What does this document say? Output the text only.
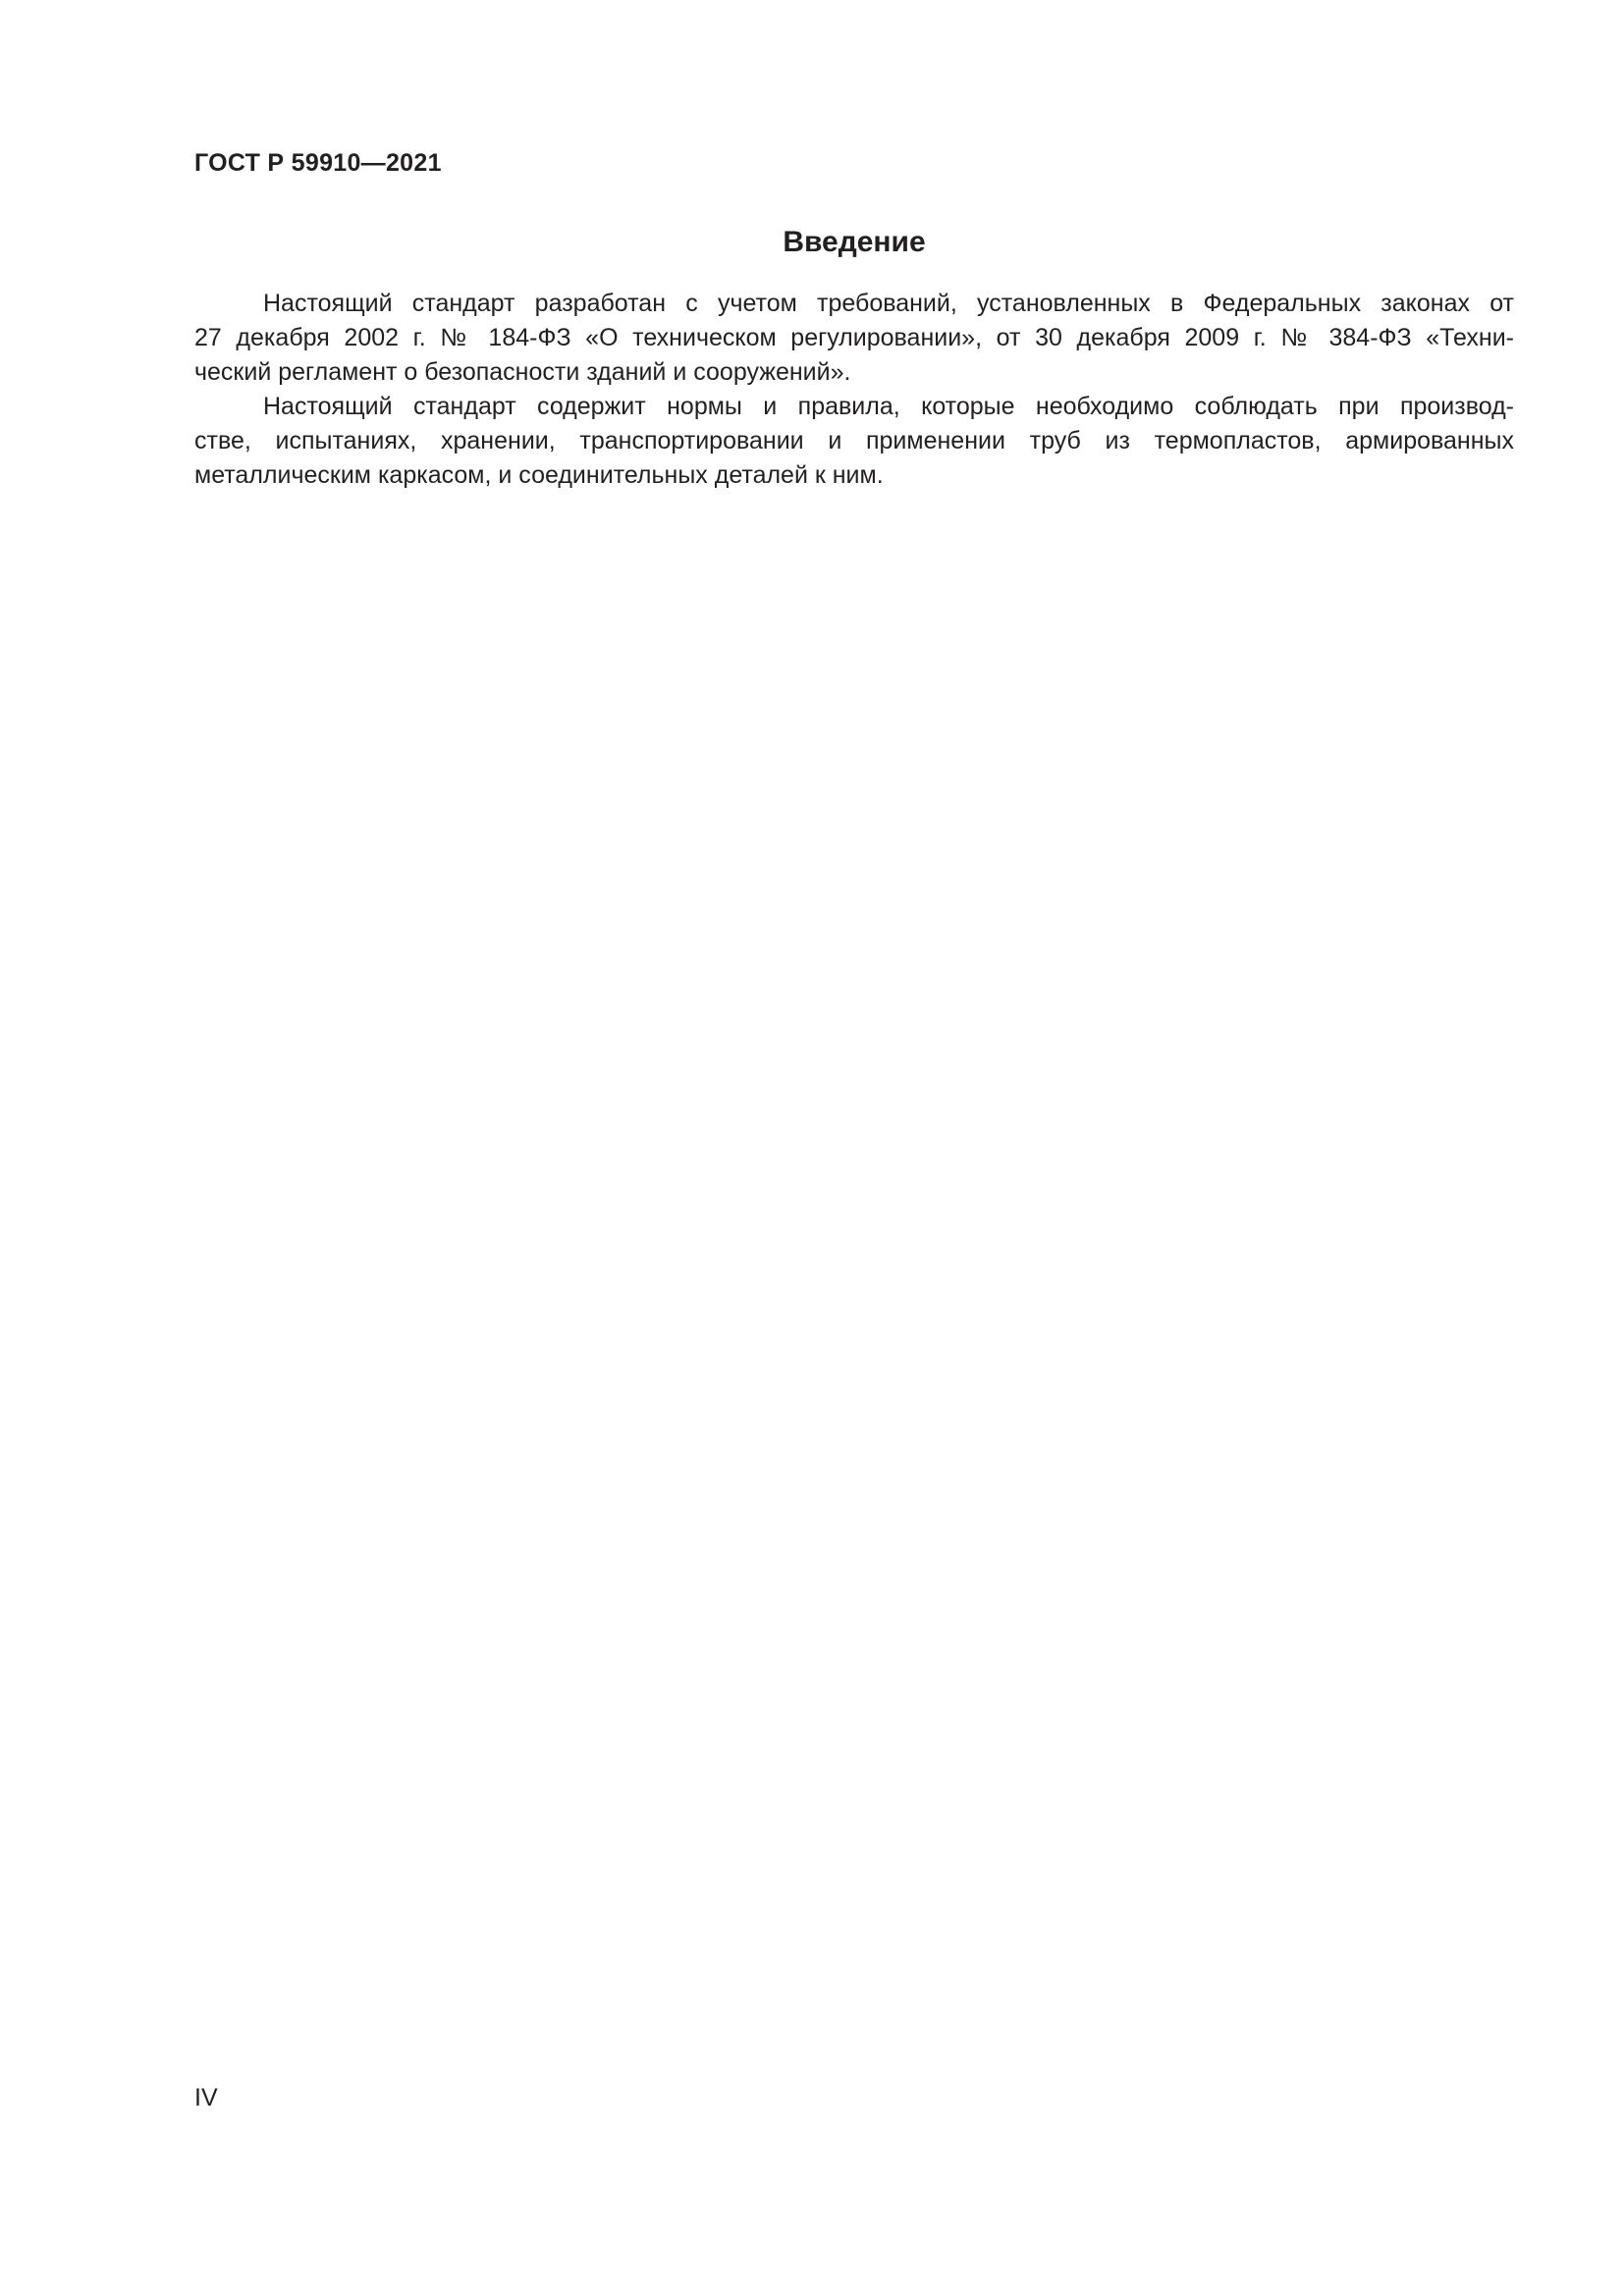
ГОСТ Р 59910—2021
Введение

Настоящий стандарт разработан с учетом требований, установленных в Федеральных законах от
27 декабря 2002 г. № 184-ФЗ «О техническом регулировании», от 30 декабря 2009 г. № 384-ФЗ «Техни-
ческий регламент о безопасности зданий и сооружений».

Настоящий стандарт содержит нормы и правила, которые необходимо соблюдать при производ-
стве, испытаниях, хранении, транспортировании и применении труб из термопластов, армированных
металлическим каркасом, и соединительных деталей к ним.

IV
